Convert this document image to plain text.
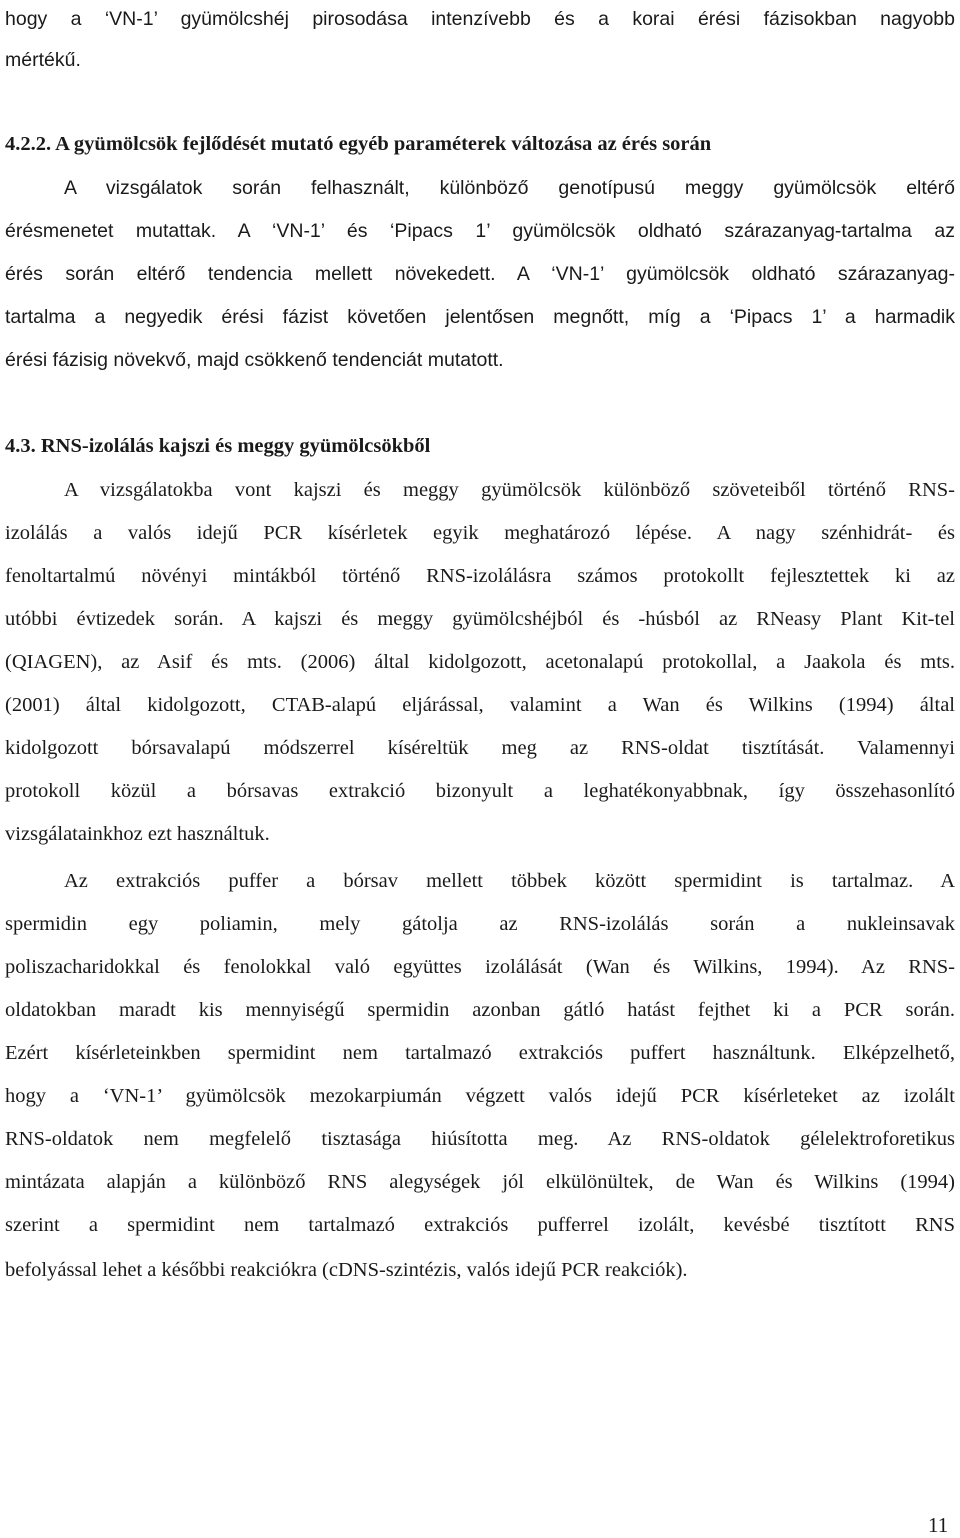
hogy a ‘VN-1’ gyümölcshéj pirosodása intenzívebb és a korai érési fázisokban nagyobb
mértékű.
A vizsgálatok során felhasznált, különböző genotípusú meggy gyümölcsök eltérő
érésmenetet mutattak. A ‘VN-1’ és ‘Pipacs 1’ gyümölcsök oldható szárazanyag-tartalma az
érés során eltérő tendencia mellett növekedett. A ‘VN-1’ gyümölcsök oldható szárazanyag-
tartalma a negyedik érési fázist követően jelentősen megnőtt, míg a ‘Pipacs 1’ a harmadik
érési fázisig növekvő, majd csökkenő tendenciát mutatott.
A vizsgálatokba vont kajszi és meggy gyümölcsök különböző szöveteiből történő RNS-
izolálás a valós idejű PCR kísérletek egyik meghatározó lépése. A nagy szénhidrát- és
fenoltartalmú növényi mintákból történő RNS-izolálásra számos protokollt fejlesztettek ki az
utóbbi évtizedek során. A kajszi és meggy gyümölcshéjból és -húsból az RNeasy Plant Kit-tel
(QIAGEN), az Asif és mts. (2006) által kidolgozott, acetonalapú protokollal, a Jaakola és mts.
(2001) által kidolgozott, CTAB-alapú eljárással, valamint a Wan és Wilkins (1994) által
kidolgozott bórsavalapú módszerrel kíséreltük meg az RNS-oldat tisztítását. Valamennyi
protokoll közül a bórsavas extrakció bizonyult a leghatékonyabbnak, így összehasonlító
vizsgálatainkhoz ezt használtuk.
Az extrakciós puffer a bórsav mellett többek között spermidint is tartalmaz. A
spermidin egy poliamin, mely gátolja az RNS-izolálás során a nukleinsavak
poliszacharidokkal és fenolokkal való együttes izolálását (Wan és Wilkins, 1994). Az RNS-
oldatokban maradt kis mennyiségű spermidin azonban gátló hatást fejthet ki a PCR során.
Ezért kísérleteinkben spermidint nem tartalmazó extrakciós puffert használtunk. Elképzelhető,
hogy a ‘VN-1’ gyümölcsök mezokarpiumán végzett valós idejű PCR kísérleteket az izolált
RNS-oldatok nem megfelelő tisztasága hiúsította meg. Az RNS-oldatok gélelektroforetikus
mintázata alapján a különböző RNS alegységek jól elkülönültek, de Wan és Wilkins (1994)
szerint a spermidint nem tartalmazó extrakciós pufferrel izolált, kevésbé tisztított RNS
befolyással lehet a későbbi reakciókra (cDNS-szintézis, valós idejű PCR reakciók).
4.2.2. A gyümölcsök fejlődését mutató egyéb paraméterek változása az érés során
4.3. RNS-izolálás kajszi és meggy gyümölcsökből
11
